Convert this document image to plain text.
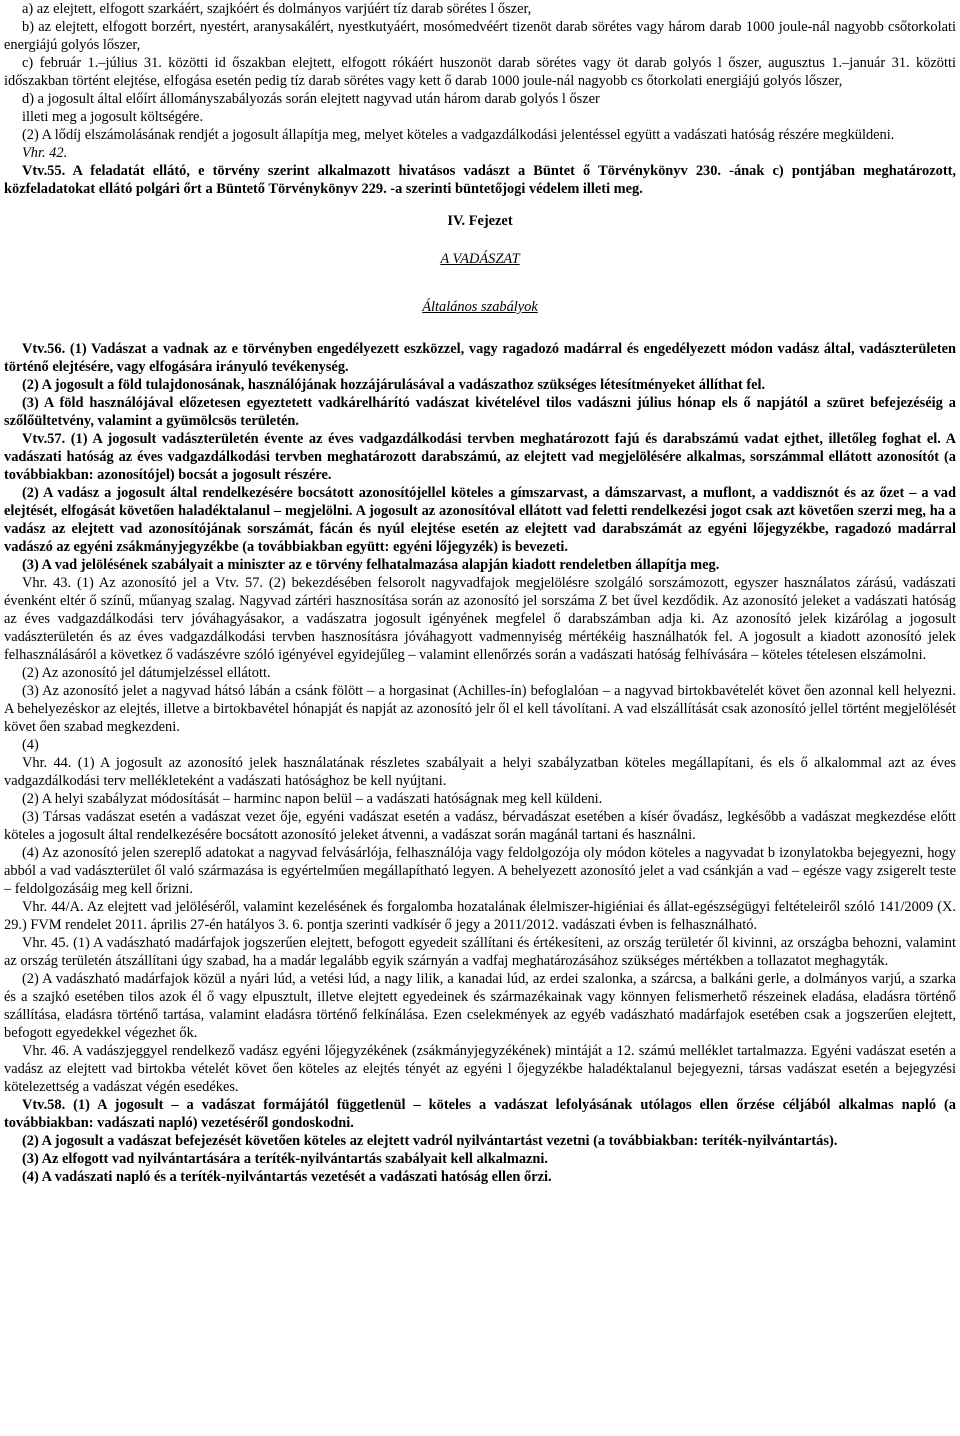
a) az elejtett, elfogott szarkáért, szajkóért és dolmányos varjúért tíz darab sörétes l őszer,

b) az elejtett, elfogott borzért, nyestért, aranysakálért, nyestkutyáért, mosómedvéért tizenöt darab sörétes vagy három darab 1000 joule-nál nagyobb csőtorkolati energiájú golyós lőszer,

c) február 1.–július 31. közötti id őszakban elejtett, elfogott rókáért huszonöt darab sörétes vagy öt darab golyós l őszer, augusztus 1.–január 31. közötti időszakban történt elejtése, elfogása esetén pedig tíz darab sörétes vagy kett ő darab 1000 joule-nál nagyobb cs őtorkolati energiájú golyós lőszer,

d) a jogosult által előírt állományszabályozás során elejtett nagyvad után három darab golyós l őszer

illeti meg a jogosult költségére.

(2) A lődíj elszámolásának rendjét a jogosult állapítja meg, melyet köteles a vadgazdálkodási jelentéssel együtt a vadászati hatóság részére megküldeni.

Vhr. 42.

Vtv.55. A feladatát ellátó, e törvény szerint alkalmazott hivatásos vadászt a Büntet ő Törvénykönyv 230. -ának c) pontjában meghatározott, közfeladatokat ellátó polgári őrt a Büntető Törvénykönyv 229. -a szerinti büntetőjogi védelem illeti meg.

IV. Fejezet

A VADÁSZAT

Általános szabályok

Vtv.56. (1) Vadászat a vadnak az e törvényben engedélyezett eszközzel, vagy ragadozó madárral és engedélyezett módon vadász által, vadászterületen történő elejtésére, vagy elfogására irányuló tevékenység.

(2) A jogosult a föld tulajdonosának, használójának hozzájárulásával a vadászathoz szükséges létesítményeket állíthat fel.

(3) A föld használójával előzetesen egyeztetett vadkárelhárító vadászat kivételével tilos vadászni július hónap els ő napjától a szüret befejezéséig a szőlőültetvény, valamint a gyümölcsös területén.

Vtv.57. (1) A jogosult vadászterületén évente az éves vadgazdálkodási tervben meghatározott fajú és darabszámú vadat ejthet, illetőleg foghat el. A vadászati hatóság az éves vadgazdálkodási tervben meghatározott darabszámú, az elejtett vad megjelölésére alkalmas, sorszámmal ellátott azonosítót (a továbbiakban: azonosítójel) bocsát a jogosult részére.

(2) A vadász a jogosult által rendelkezésére bocsátott azonosítójellel köteles a gímszarvast, a dámszarvast, a muflont, a vaddisznót és az őzet – a vad elejtését, elfogását követően haladéktalanul – megjelölni. A jogosult az azonosítóval ellátott vad feletti rendelkezési jogot csak azt követően szerzi meg, ha a vadász az elejtett vad azonosítójának sorszámát, fácán és nyúl elejtése esetén az elejtett vad darabszámát az egyéni lőjegyzékbe, ragadozó madárral vadászó az egyéni zsákmányjegyzékbe (a továbbiakban együtt: egyéni lőjegyzék) is bevezeti.

(3) A vad jelölésének szabályait a miniszter az e törvény felhatalmazása alapján kiadott rendeletben állapítja meg.

Vhr. 43. (1) Az azonosító jel a Vtv. 57. (2) bekezdésében felsorolt nagyvadfajok megjelölésre szolgáló sorszámozott, egyszer használatos zárású, vadászati évenként eltér ő színű, műanyag szalag. Nagyvad zártéri hasznosítása során az azonosító jel sorszáma Z bet űvel kezdődik. Az azonosító jeleket a vadászati hatóság az éves vadgazdálkodási terv jóváhagyásakor, a vadászatra jogosult igényének megfelel ő darabszámban adja ki. Az azonosító jelek kizárólag a jogosult vadászterületén és az éves vadgazdálkodási tervben hasznosításra jóváhagyott vadmennyiség mértékéig használhatók fel. A jogosult a kiadott azonosító jelek felhasználásáról a következ ő vadászévre szóló igényével egyidejűleg – valamint ellenőrzés során a vadászati hatóság felhívására – köteles tételesen elszámolni.

(2) Az azonosító jel dátumjelzéssel ellátott.

(3) Az azonosító jelet a nagyvad hátsó lábán a csánk fölött – a horgasinat (Achilles-ín) befoglalóan – a nagyvad birtokbavételét követ ően azonnal kell helyezni. A behelyezéskor az elejtés, illetve a birtokbavétel hónapját és napját az azonosító jelr ől el kell távolítani. A vad elszállítását csak azonosító jellel történt megjelölését követ ően szabad megkezdeni.

(4)

Vhr. 44. (1) A jogosult az azonosító jelek használatának részletes szabályait a helyi szabályzatban köteles megállapítani, és els ő alkalommal azt az éves vadgazdálkodási terv mellékleteként a vadászati hatósághoz be kell nyújtani.

(2) A helyi szabályzat módosítását – harminc napon belül – a vadászati hatóságnak meg kell küldeni.

(3) Társas vadászat esetén a vadászat vezet ője, egyéni vadászat esetén a vadász, bérvadászat esetében a kísér ővadász, legkésőbb a vadászat megkezdése előtt köteles a jogosult által rendelkezésére bocsátott azonosító jeleket átvenni, a vadászat során magánál tartani és használni.

(4) Az azonosító jelen szereplő adatokat a nagyvad felvásárlója, felhasználója vagy feldolgozója oly módon köteles a nagyvadat b izonylatokba bejegyezni, hogy abból a vad vadászterület ől való származása is egyértelműen megállapítható legyen. A behelyezett azonosító jelet a vad csánkján a vad – egésze vagy zsigerelt teste – feldolgozásáig meg kell őrizni.

Vhr. 44/A. Az elejtett vad jelöléséről, valamint kezelésének és forgalomba hozatalának élelmiszer-higiéniai és állat-egészségügyi feltételeiről szóló 141/2009 (X. 29.) FVM rendelet 2011. április 27-én hatályos 3. 6. pontja szerinti vadkísér ő jegy a 2011/2012. vadászati évben is felhasználható.

Vhr. 45. (1) A vadászható madárfajok jogszerűen elejtett, befogott egyedeit szállítani és értékesíteni, az ország területér ől kivinni, az országba behozni, valamint az ország területén átszállítani úgy szabad, ha a madár legalább egyik szárnyán a vadfaj meghatározásához szükséges mértékben a tollazatot meghagyták.

(2) A vadászható madárfajok közül a nyári lúd, a vetési lúd, a nagy lilik, a kanadai lúd, az erdei szalonka, a szárcsa, a balkáni gerle, a dolmányos varjú, a szarka és a szajkó esetében tilos azok él ő vagy elpusztult, illetve elejtett egyedeinek és származékainak vagy könnyen felismerhető részeinek eladása, eladásra történő szállítása, eladásra történő tartása, valamint eladásra történő felkínálása. Ezen cselekmények az egyéb vadászható madárfajok esetében csak a jogszerűen elejtett, befogott egyedekkel végezhet ők.

Vhr. 46. A vadászjeggyel rendelkező vadász egyéni lőjegyzékének (zsákmányjegyzékének) mintáját a 12. számú melléklet tartalmazza. Egyéni vadászat esetén a vadász az elejtett vad birtokba vételét követ ően köteles az elejtés tényét az egyéni l őjegyzékbe haladéktalanul bejegyezni, társas vadászat esetén a bejegyzési kötelezettség a vadászat végén esedékes.

Vtv.58. (1) A jogosult – a vadászat formájától függetlenül – köteles a vadászat lefolyásának utólagos ellen őrzése céljából alkalmas napló (a továbbiakban: vadászati napló) vezetéséről gondoskodni.

(2) A jogosult a vadászat befejezését követően köteles az elejtett vadról nyilvántartást vezetni (a továbbiakban: teríték-nyilvántartás).

(3) Az elfogott vad nyilvántartására a teríték-nyilvántartás szabályait kell alkalmazni.

(4) A vadászati napló és a teríték-nyilvántartás vezetését a vadászati hatóság ellen őrzi.
